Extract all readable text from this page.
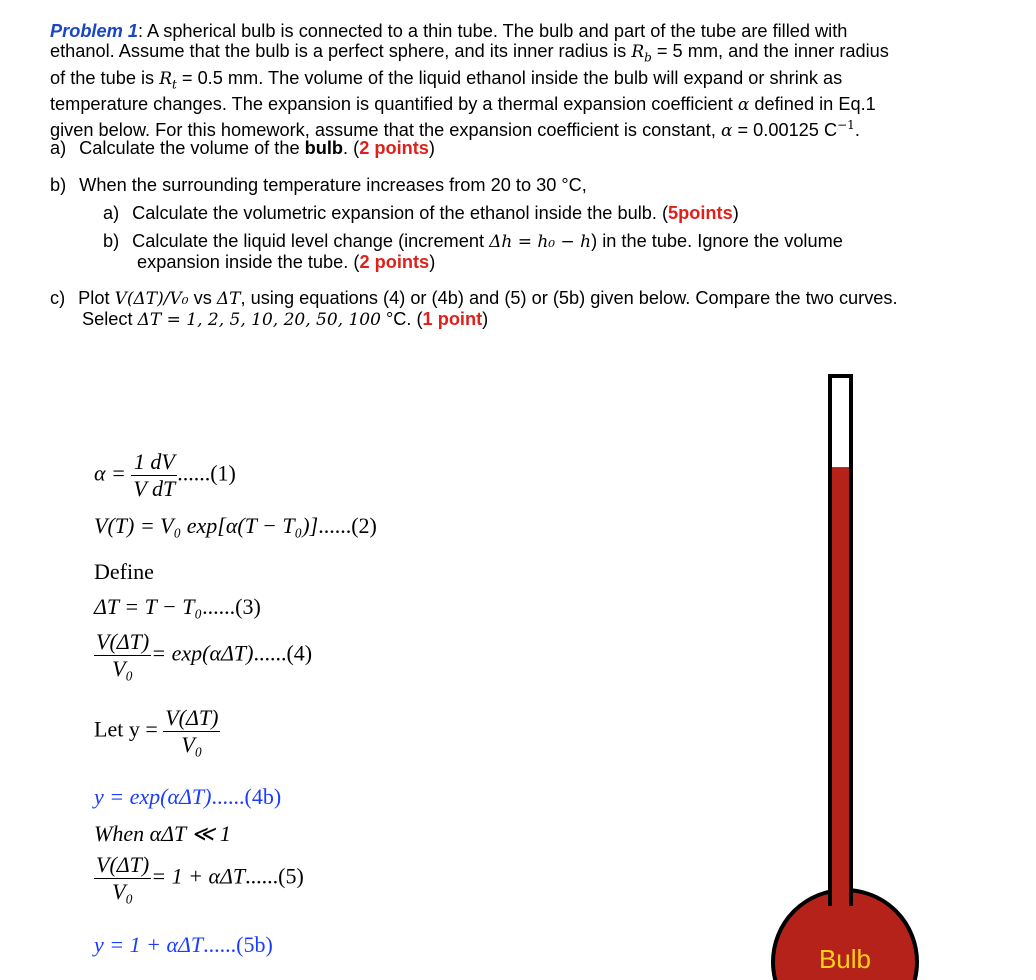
Problem 1: A spherical bulb is connected to a thin tube. The bulb and part of the tube are filled with
ethanol. Assume that the bulb is a perfect sphere, and its inner radius is $R_b = 5$ mm, and the inner radius
of the tube is $R_t = 0.5$ mm. The volume of the liquid ethanol inside the bulb will expand or shrink as
temperature changes. The expansion is quantified by a thermal expansion coefficient α defined in Eq.1
given below. For this homework, assume that the expansion coefficient is constant, α = 0.00125 $C^{-1}$.
a) Calculate the volume of the bulb. (2 points)
b) When the surrounding temperature increases from 20 to 30 °C,
a) Calculate the volumetric expansion of the ethanol inside the bulb. (5points)
b) Calculate the liquid level change (increment Δh = h₀ − h) in the tube. Ignore the volume
expansion inside the tube. (2 points)
c) Plot V(ΔT)/V₀ vs ΔT, using equations (4) or (4b) and (5) or (5b) given below. Compare the two curves.
Select ΔT = 1, 2, 5, 10, 20, 50, 100 °C. (1 point)
$\alpha = \frac{1 dV}{\text{V dT}} ......(1)$
V(T) = V₀ exp[α(T − T₀)]......(2)
Define
ΔT = T − T₀......(3)
$\frac{V(\Delta T)}{\text{V₀}} = \exp(\alpha\Delta T)......(4)$
Let $y = \frac{V(\Delta T)}{\text{V₀}}$
y = exp(αΔT)......(4b)
When αΔT ≪ 1
$\frac{V(\Delta T)}{\text{V₀}} = 1 + \alpha\Delta T......(5)$
y = 1 + αΔT......(5b)	Bulb
